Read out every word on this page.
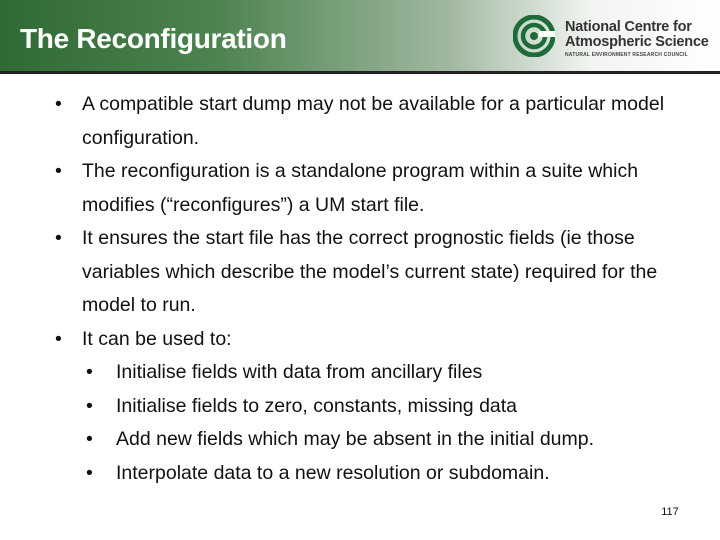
The Reconfiguration	National Centre for
Atmospheric Science
NATURAL ENVIRONMENT RESEARCH COUNCIL
• A compatible start dump may not be available for a particular model configuration.
• The reconfiguration is a standalone program within a suite which modifies (“reconfigures”) a UM start file.
• It ensures the start file has the correct prognostic fields (ie those variables which describe the model’s current state) required for the model to run.
• It can be used to:
• Initialise fields with data from ancillary files
• Initialise fields to zero, constants, missing data
• Add new fields which may be absent in the initial dump.
• Interpolate data to a new resolution or subdomain.
117
